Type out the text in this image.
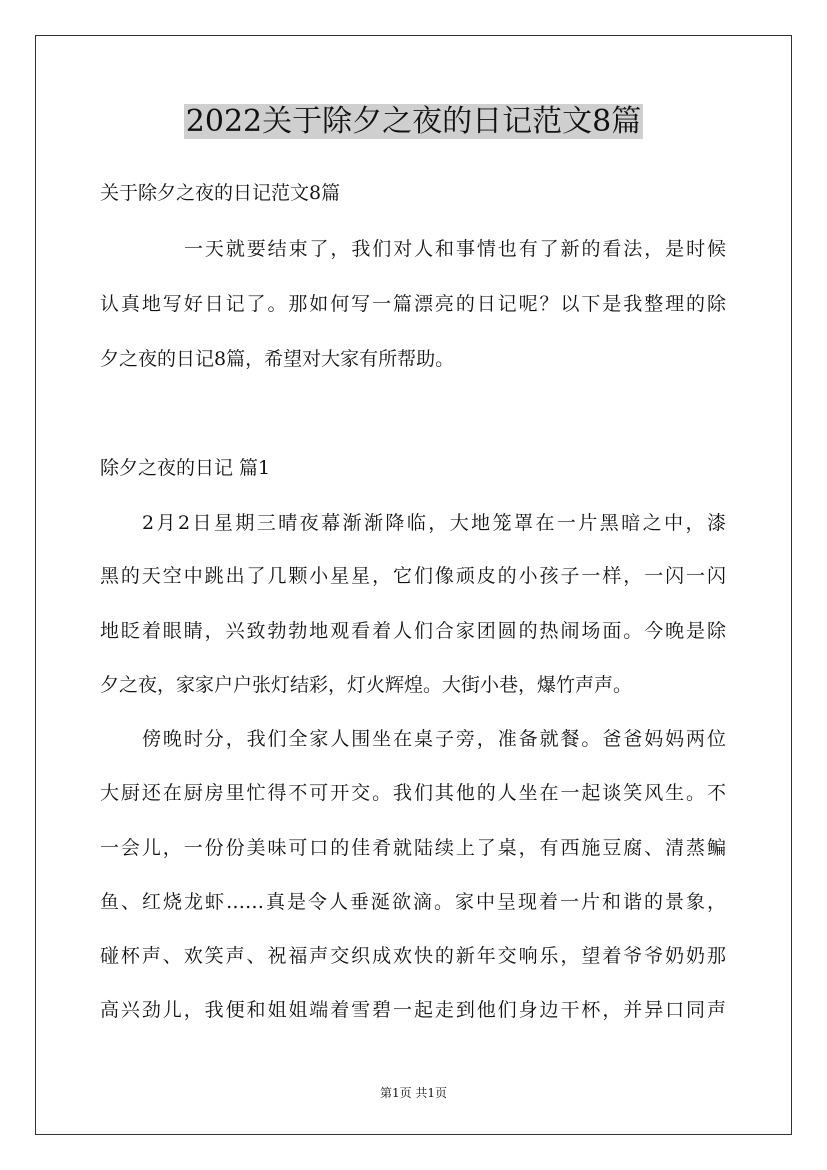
2022关于除夕之夜的日记范文8篇
关于除夕之夜的日记范文8篇
一天就要结束了，我们对人和事情也有了新的看法，是时候
认真地写好日记了。那如何写一篇漂亮的日记呢？以下是我整理的除
夕之夜的日记8篇，希望对大家有所帮助。
除夕之夜的日记 篇1
2月2日星期三晴夜幕渐渐降临，大地笼罩在一片黑暗之中，漆
黑的天空中跳出了几颗小星星，它们像顽皮的小孩子一样，一闪一闪
地眨着眼睛，兴致勃勃地观看着人们合家团圆的热闹场面。今晚是除
夕之夜，家家户户张灯结彩，灯火辉煌。大街小巷，爆竹声声。
傍晚时分，我们全家人围坐在桌子旁，准备就餐。爸爸妈妈两位
大厨还在厨房里忙得不可开交。我们其他的人坐在一起谈笑风生。不
一会儿，一份份美味可口的佳肴就陆续上了桌，有西施豆腐、清蒸鳊
鱼、红烧龙虾……真是令人垂涎欲滴。家中呈现着一片和谐的景象，
碰杯声、欢笑声、祝福声交织成欢快的新年交响乐，望着爷爷奶奶那
高兴劲儿，我便和姐姐端着雪碧一起走到他们身边干杯，并异口同声
第1页 共1页
